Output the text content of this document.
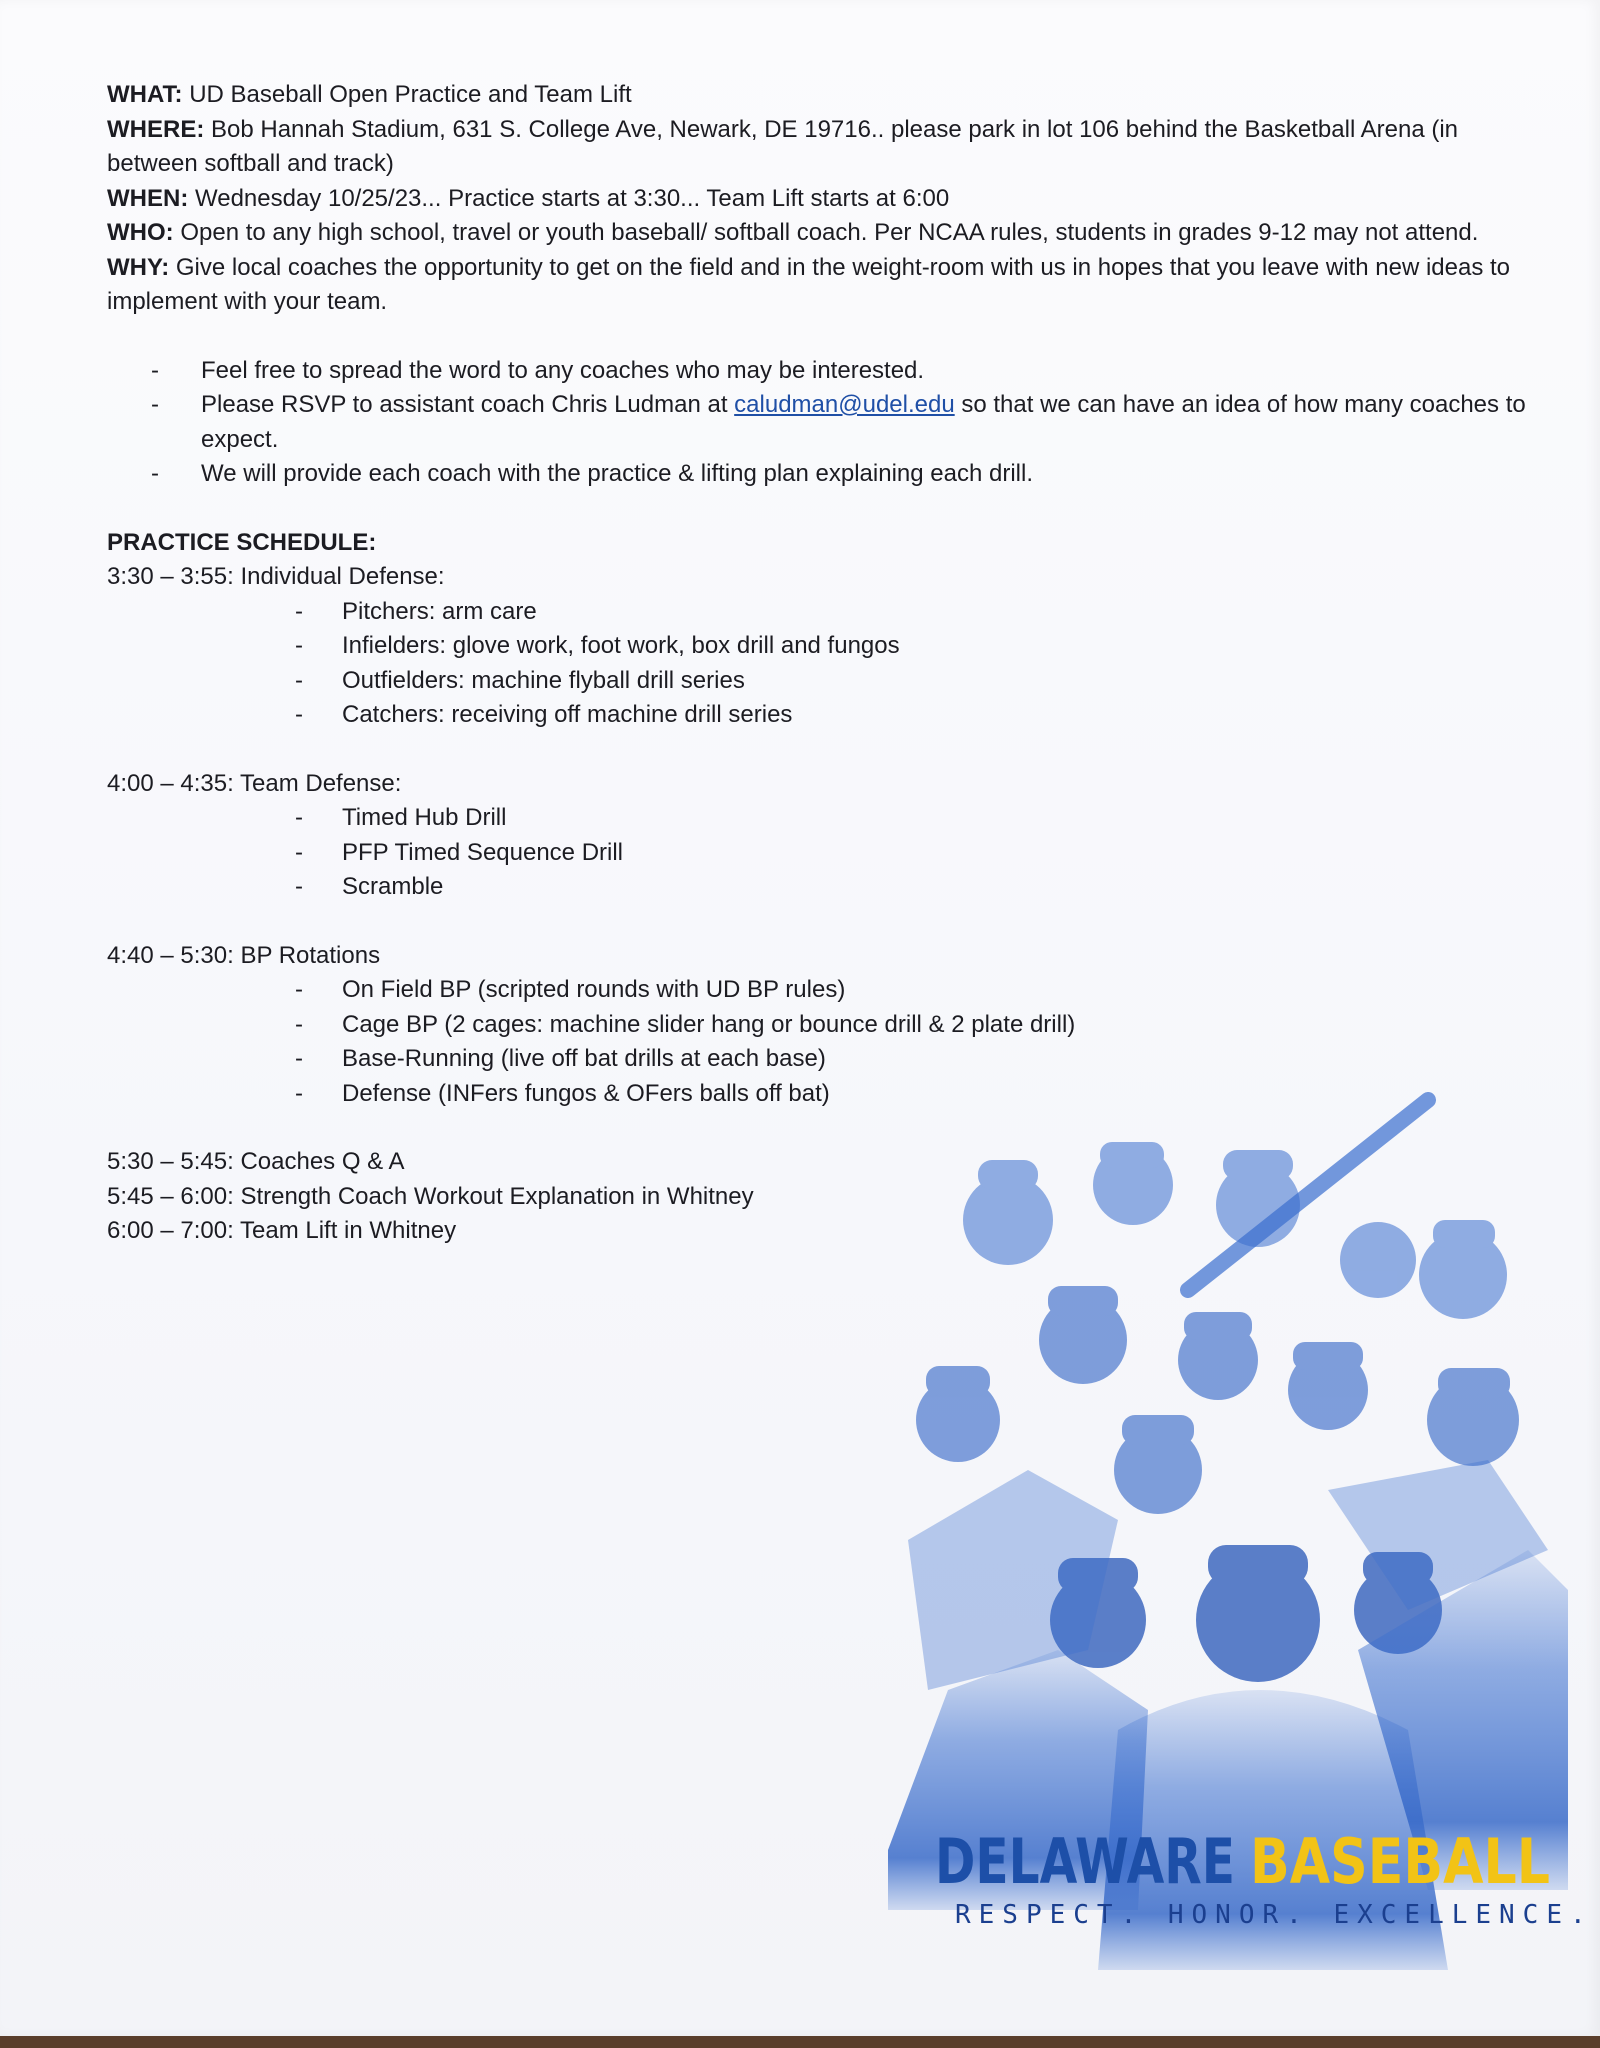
WHAT: UD Baseball Open Practice and Team Lift

WHERE: Bob Hannah Stadium, 631 S. College Ave, Newark, DE 19716.. please park in lot 106 behind the Basketball Arena (in between softball and track)

WHEN: Wednesday 10/25/23... Practice starts at 3:30... Team Lift starts at 6:00

WHO: Open to any high school, travel or youth baseball/ softball coach. Per NCAA rules, students in grades 9-12 may not attend.

WHY: Give local coaches the opportunity to get on the field and in the weight-room with us in hopes that you leave with new ideas to implement with your team.

- Feel free to spread the word to any coaches who may be interested.

- Please RSVP to assistant coach Chris Ludman at caludman@udel.edu so that we can have an idea of how many coaches to expect.

- We will provide each coach with the practice & lifting plan explaining each drill.

PRACTICE SCHEDULE:

3:30 – 3:55: Individual Defense:

- Pitchers: arm care

- Infielders: glove work, foot work, box drill and fungos

- Outfielders: machine flyball drill series

- Catchers: receiving off machine drill series

4:00 – 4:35: Team Defense:

- Timed Hub Drill

- PFP Timed Sequence Drill

- Scramble

4:40 – 5:30: BP Rotations

- On Field BP (scripted rounds with UD BP rules)

- Cage BP (2 cages: machine slider hang or bounce drill & 2 plate drill)

- Base-Running (live off bat drills at each base)

- Defense (INFers fungos & OFers balls off bat)

5:30 – 5:45: Coaches Q & A

5:45 – 6:00: Strength Coach Workout Explanation in Whitney

6:00 – 7:00: Team Lift in Whitney

DELAWARE BASEBALL
RESPECT. HONOR. EXCELLENCE.
